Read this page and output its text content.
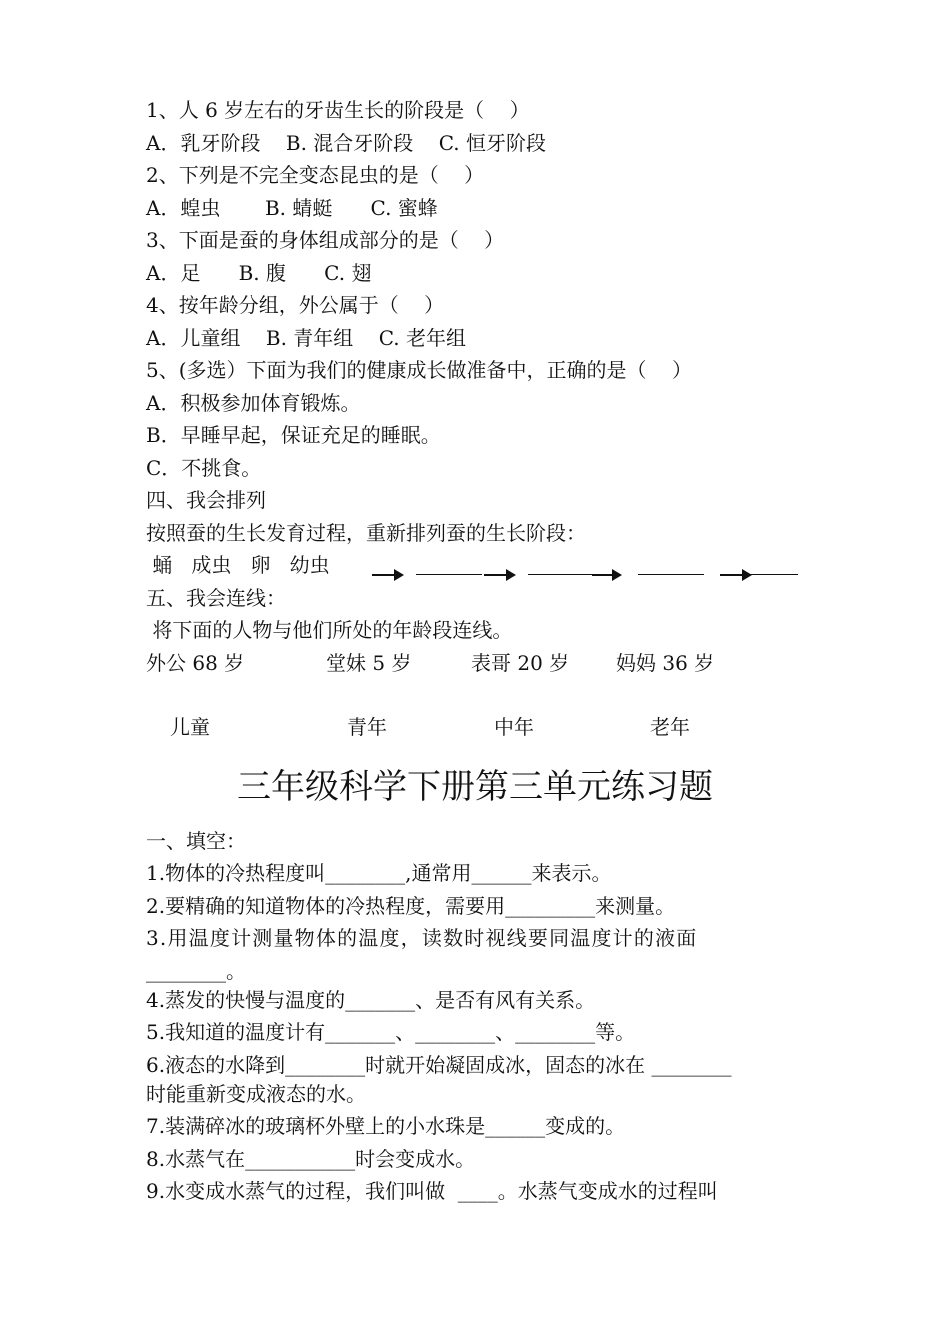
1、人 6 岁左右的牙齿生长的阶段是（    ）
A．乳牙阶段    B. 混合牙阶段    C. 恒牙阶段
2、下列是不完全变态昆虫的是（    ）
A．蝗虫       B. 蜻蜓      C. 蜜蜂
3、下面是蚕的身体组成部分的是（    ）
A．足      B. 腹      C. 翅
4、按年龄分组，外公属于（    ）
A．儿童组    B. 青年组    C. 老年组
5、(多选）下面为我们的健康成长做准备中，正确的是（    ）
A．积极参加体育锻炼。
B．早睡早起，保证充足的睡眠。
C．不挑食。
四、我会排列
按照蚕的生长发育过程，重新排列蚕的生长阶段：
蛹   成虫   卵   幼虫
五、我会连线：
将下面的人物与他们所处的年龄段连线。
外公 68 岁	堂妹 5 岁	表哥 20 岁 妈妈 36 岁
儿童	青年	中年	老年
三年级科学下册第三单元练习题
一、填空：
1.物体的冷热程度叫________,通常用______来表示。
2.要精确的知道物体的冷热程度，需要用_________来测量。
3.用温度计测量物体的温度，读数时视线要同温度计的液面
________。
4.蒸发的快慢与温度的_______、是否有风有关系。
5.我知道的温度计有_______、________、________等。
6.液态的水降到________时就开始凝固成冰，固态的冰在 ________
时能重新变成液态的水。
7.装满碎冰的玻璃杯外壁上的小水珠是______变成的。
8.水蒸气在___________时会变成水。
9.水变成水蒸气的过程，我们叫做  ____。水蒸气变成水的过程叫
